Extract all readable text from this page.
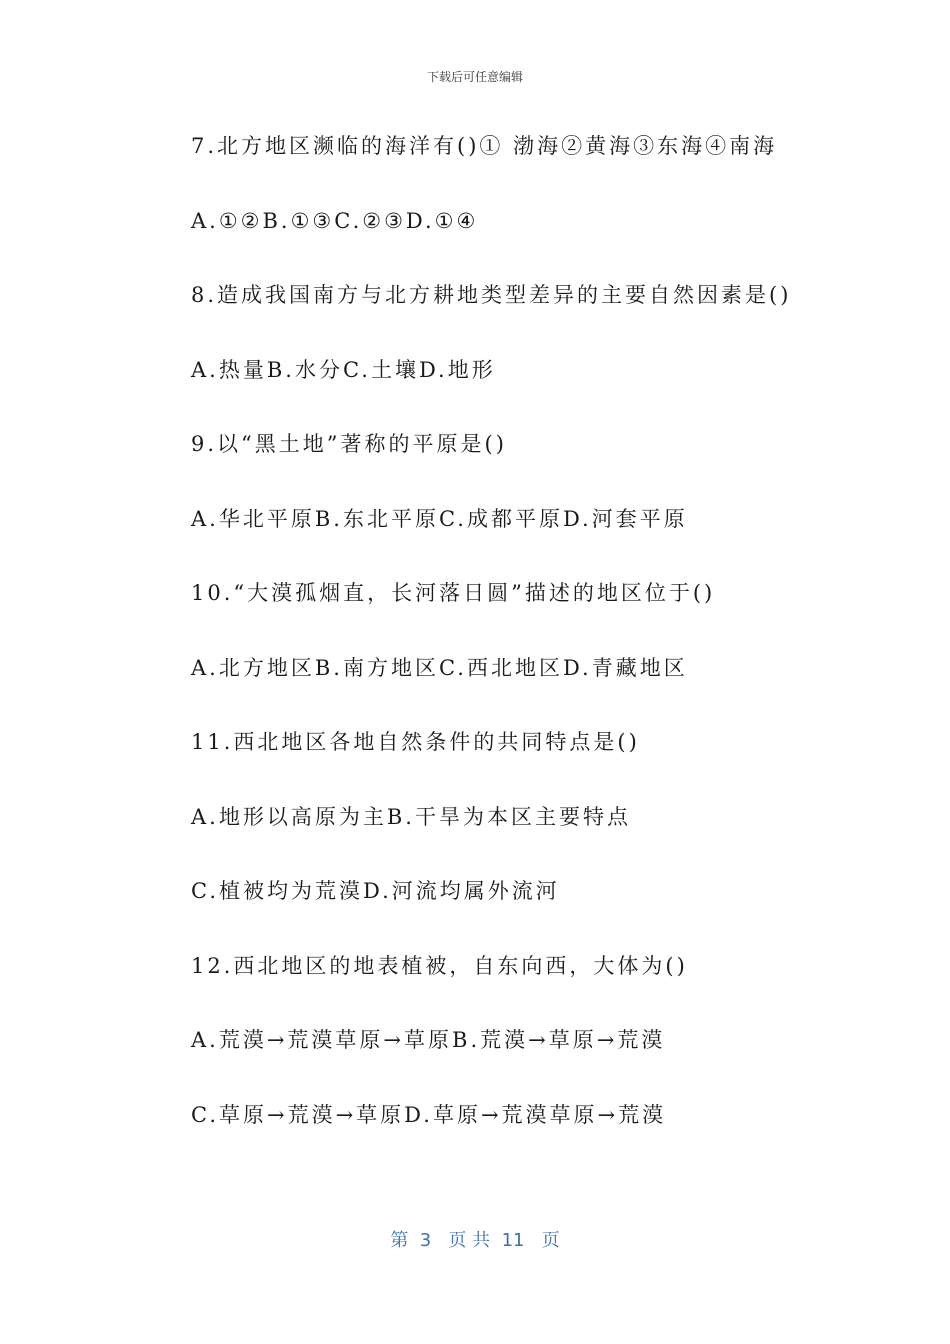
下载后可任意编辑
7.北方地区濒临的海洋有()① 渤海②黄海③东海④南海
A.①②B.①③C.②③D.①④
8.造成我国南方与北方耕地类型差异的主要自然因素是()
A.热量B.水分C.土壤D.地形
9.以“黑土地”著称的平原是()
A.华北平原B.东北平原C.成都平原D.河套平原
10.“大漠孤烟直，长河落日圆”描述的地区位于()
A.北方地区B.南方地区C.西北地区D.青藏地区
11.西北地区各地自然条件的共同特点是()
A.地形以高原为主B.干旱为本区主要特点
C.植被均为荒漠D.河流均属外流河
12.西北地区的地表植被，自东向西，大体为()
A.荒漠→荒漠草原→草原B.荒漠→草原→荒漠
C.草原→荒漠→草原D.草原→荒漠草原→荒漠
第  3   页 共  11   页
